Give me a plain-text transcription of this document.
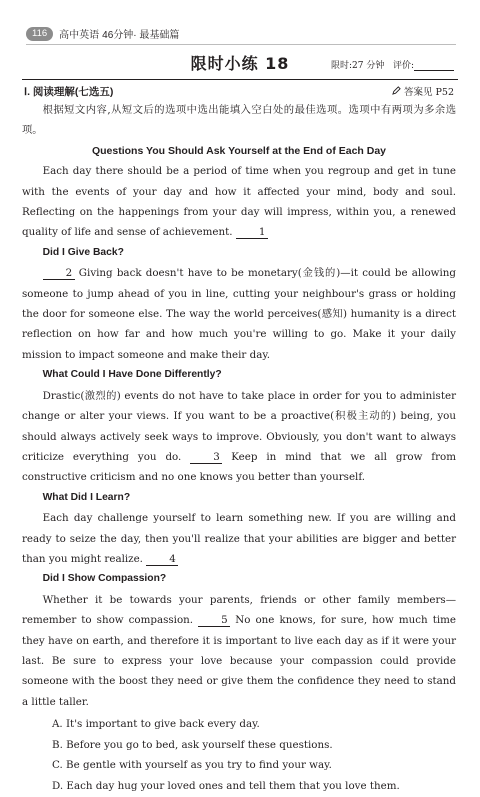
116	高中英语 46分钟 · 最基础篇
限时小练 18	限时:27 分钟 评价:
Ⅰ. 阅读理解(七选五)	答案见 P52

根据短文内容,从短文后的选项中选出能填入空白处的最佳选项。选项中有两项为多余选项。

Questions You Should Ask Yourself at the End of Each Day

Each day there should be a period of time when you regroup and get in tune with the events of your day and how it affected your mind, body and soul. Reflecting on the happenings from your day will impress, within you, a renewed quality of life and sense of achievement.	1

Did I Give Back?

2 Giving back doesn't have to be monetary(金钱的)—it could be allowing someone to jump ahead of you in line, cutting your neighbour's grass or holding the door for someone else. The way the world perceives(感知) humanity is a direct reflection on how far and how much you're willing to go. Make it your daily mission to impact someone and make their day.

What Could I Have Done Differently?

Drastic(激烈的) events do not have to take place in order for you to administer change or alter your views. If you want to be a proactive(积极主动的) being, you should always actively seek ways to improve. Obviously, you don't want to always criticize everything you do.	3 Keep in mind that we all grow from constructive criticism and no one knows you better than yourself.

What Did I Learn?

Each day challenge yourself to learn something new. If you are willing and ready to seize the day, then you'll realize that your abilities are bigger and better than you might realize.	4

Did I Show Compassion?

Whether it be towards your parents, friends or other family members—remember to show compassion.	5 No one knows, for sure, how much time they have on earth, and therefore it is important to live each day as if it were your last. Be sure to express your love because your compassion could provide someone with the boost they need or give them the confidence they need to stand a little taller.

A. It's important to give back every day.

B. Before you go to bed, ask yourself these questions.

C. Be gentle with yourself as you try to find your way.

D. Each day hug your loved ones and tell them that you love them.
